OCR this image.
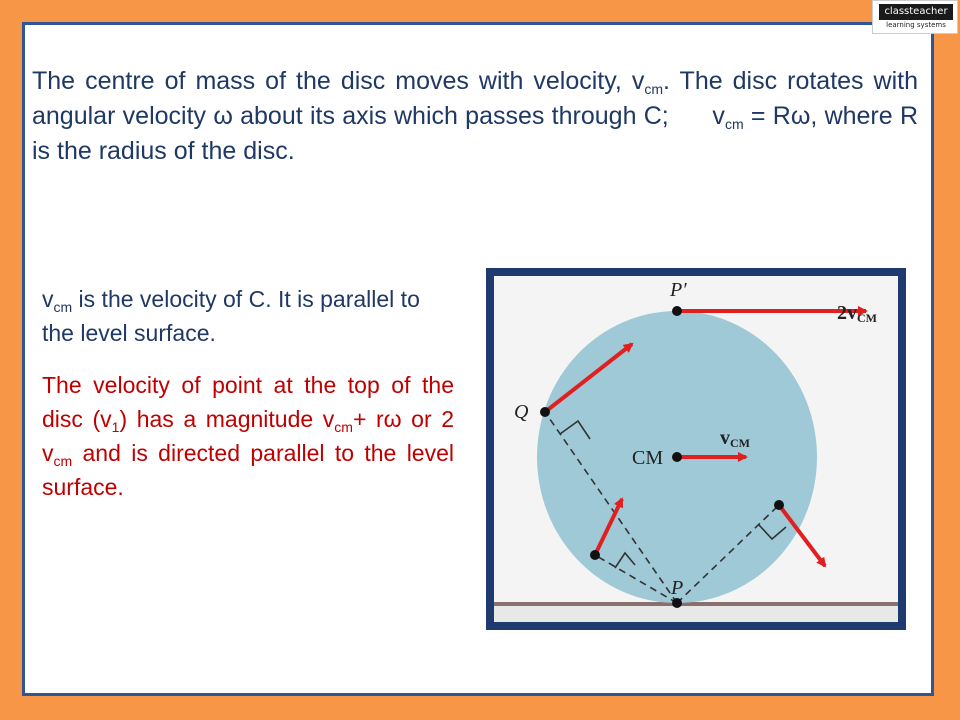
classteacher
learning systems

The centre of mass of the disc moves with velocity, $v_{cm}$. The disc rotates with angular velocity ω about its axis which passes through C;      $v_{cm} = R\omega$, where R is the radius of the disc.

$v_{cm}$ is the velocity of C. It is parallel to the level surface.

The velocity of point at the top of the disc $(v_1)$ has a magnitude $v_{cm}+ r\omega$ or 2 $v_{cm}$ and is directed parallel to the level surface.

P′
2vCM
Q
vCM
CM
P
